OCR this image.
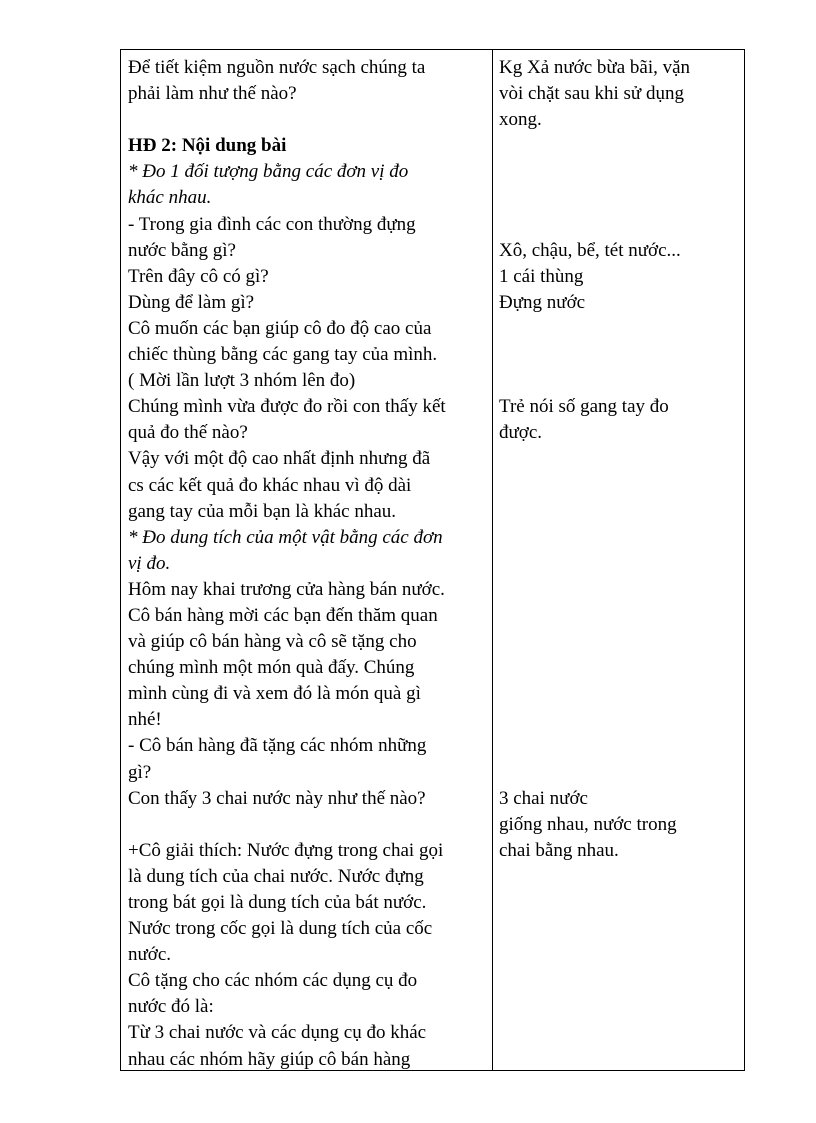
Để tiết kiệm nguồn nước sạch chúng ta
phải làm như thế nào?
HĐ 2: Nội dung bài
* Đo 1 đối tượng bằng các đơn vị đo
khác nhau.
- Trong gia đình các con thường đựng
nước bằng gì?
Trên đây cô có gì?
Dùng để làm gì?
Cô muốn các bạn giúp cô đo độ cao của
chiếc thùng bằng các gang tay của mình.
( Mời lần lượt 3 nhóm lên đo)
Chúng mình vừa được đo rồi con thấy kết
quả đo thế nào?
Vậy với một độ cao nhất định nhưng đã
cs các kết quả đo khác nhau vì độ dài
gang tay của mỗi bạn là khác nhau.
* Đo dung tích của một vật bằng các đơn
vị đo.
Hôm nay khai trương cửa hàng bán nước.
Cô bán hàng mời các bạn đến thăm quan
và giúp cô bán hàng và cô sẽ tặng cho
chúng mình một món quà đấy. Chúng
mình cùng đi và xem đó là món quà gì
nhé!
- Cô bán hàng đã tặng các nhóm những
gì?
Con thấy 3 chai nước này như thế nào?
+Cô giải thích: Nước đựng trong chai gọi
là dung tích của chai nước. Nước đựng
trong bát gọi là dung tích của bát nước.
Nước trong cốc gọi là dung tích của cốc
nước.
Cô tặng cho các nhóm các dụng cụ đo
nước đó là:
Từ 3 chai nước và các dụng cụ đo khác
nhau các nhóm hãy giúp cô bán hàng
Kg Xả nước bừa bãi, vặn
vòi chặt sau khi sử dụng
xong.
Xô, chậu, bể, tét nước...
1 cái thùng
Đựng nước
Trẻ nói số gang tay đo
được.
3 chai nước
giống nhau, nước trong
chai bằng nhau.
